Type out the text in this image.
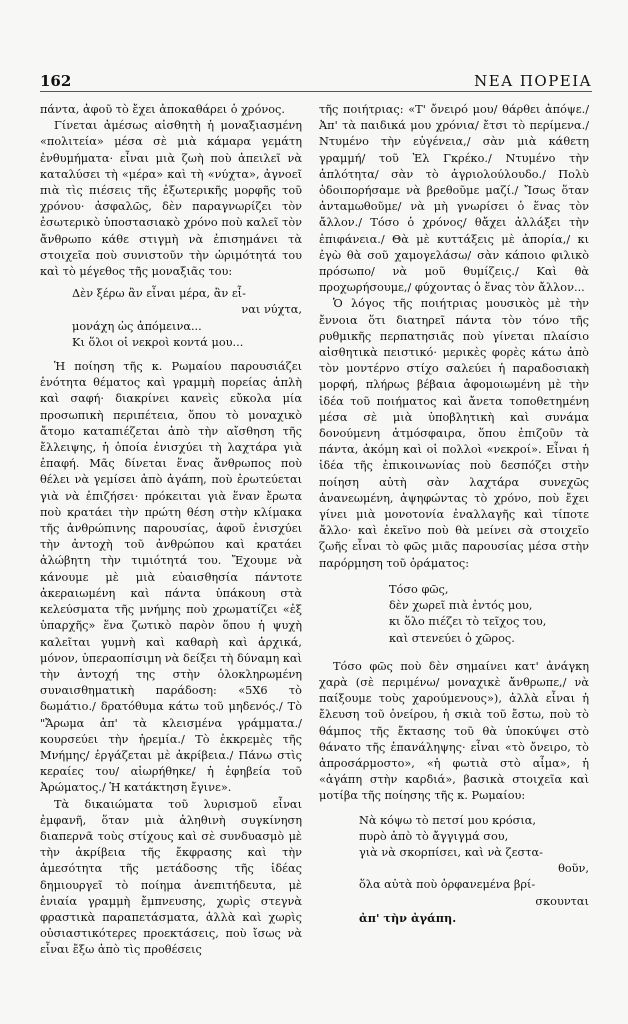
162	ΝΕΑ ΠΟΡΕΙΑ

πάντα, ἀφοῦ τὸ ἔχει ἀποκαθάρει ὁ χρόνος.

Γίνεται ἀμέσως αἰσθητὴ ἡ μοναξιασμένη «πολιτεία» μέσα σὲ μιὰ κάμαρα γεμάτη ἐνθυμήματα· εἶναι μιὰ ζωὴ ποὺ ἀπειλεῖ νὰ καταλύσει τὴ «μέρα» καὶ τὴ «νύχτα», ἀγνοεῖ πιὰ τὶς πιέσεις τῆς ἐξωτερικῆς μορφῆς τοῦ χρόνου· ἀσφαλῶς, δὲν παραγνωρίζει τὸν ἐσωτερικὸ ὑποστασιακὸ χρόνο ποὺ καλεῖ τὸν ἄνθρωπο κάθε στιγμὴ νὰ ἐπισημάνει τὰ στοιχεῖα ποὺ συνιστοῦν τὴν ὡριμότητά του καὶ τὸ μέγεθος τῆς μοναξιᾶς του:

Δὲν ξέρω ἂν εἶναι μέρα, ἂν εἶ-
ναι νύχτα,
μονάχη ὡς ἀπόμεινα...
Κι ὅλοι οἱ νεκροὶ κοντά μου...

Ἡ ποίηση τῆς κ. Ρωμαίου παρουσιάζει ἑνότητα θέματος καὶ γραμμὴ πορείας ἁπλὴ καὶ σαφή· διακρίνει κανεὶς εὔκολα μία προσωπικὴ περιπέτεια, ὅπου τὸ μοναχικὸ ἄτομο καταπιέζεται ἀπὸ τὴν αἴσθηση τῆς ἔλλειψης, ἡ ὁποία ἐνισχύει τὴ λαχτάρα γιὰ ἐπαφή. Μᾶς δίνεται ἕνας ἄνθρωπος ποὺ θέλει νὰ γεμίσει ἀπὸ ἀγάπη, ποὺ ἐρωτεύεται γιὰ νὰ ἐπιζήσει· πρόκειται γιὰ ἕναν ἔρωτα ποὺ κρατάει τὴν πρώτη θέση στὴν κλίμακα τῆς ἀνθρώπινης παρουσίας, ἀφοῦ ἐνισχύει τὴν ἀντοχὴ τοῦ ἀνθρώπου καὶ κρατάει ἀλώβητη τὴν τιμιότητά του. Ἔχουμε νὰ κάνουμε μὲ μιὰ εὐαισθησία πάντοτε ἀκεραιωμένη καὶ πάντα ὑπάκουη στὰ κελεύσματα τῆς μνήμης ποὺ χρωματίζει «ἐξ ὑπαρχῆς» ἕνα ζωτικὸ παρὸν ὅπου ἡ ψυχὴ καλεῖται γυμνὴ καὶ καθαρὴ καὶ ἀρχικά, μόνον, ὑπεραοπίσιμη νὰ δείξει τὴ δύναμη καὶ τὴν ἀντοχή της στὴν ὁλοκληρωμένη συναισθηματικὴ παράδοση: «5Χ6 τὸ δωμάτιο./ δρατόθυμα κάτω τοῦ μηδενός./ Τὸ "Ἄρωμα ἀπ' τὰ κλεισμένα γράμματα./ κουρσεύει τὴν ἠρεμία./ Τὸ ἐκκρεμὲς τῆς Μνήμης/ ἐργάζεται μὲ ἀκρίβεια./ Πάνω στὶς κεραίες του/ αἰωρήθηκε/ ἡ ἐφηβεία τοῦ Ἀρώματος./ Ἡ κατάκτηση ἔγινε».

Τὰ δικαιώματα τοῦ λυρισμοῦ εἶναι ἐμφανῆ, ὅταν μιὰ ἀληθινὴ συγκίνηση διαπερνᾶ τοὺς στίχους καὶ σὲ συνδυασμὸ μὲ τὴν ἀκρίβεια τῆς ἔκφρασης καὶ τὴν ἀμεσότητα τῆς μετάδοσης τῆς ἰδέας δημιουργεῖ τὸ ποίημα ἀνεπιτήδευτα, μὲ ἑνιαία γραμμὴ ἔμπνευσης, χωρὶς στεγνὰ φραστικὰ παραπετάσματα, ἀλλὰ καὶ χωρὶς οὐσιαστικότερες προεκτάσεις, ποὺ ἴσως νὰ εἶναι ἔξω ἀπὸ τὶς προθέσεις

τῆς ποιήτριας: «Τ' ὄνειρό μου/ θάρθει ἀπόψε./ Ἀπ' τὰ παιδικά μου χρόνια/ ἔτσι τὸ περίμενα./ Ντυμένο τὴν εὐγένεια,/ σὰν μιὰ κάθετη γραμμή/ τοῦ Ἐλ Γκρέκο./ Ντυμένο τὴν ἁπλότητα/ σὰν τὸ ἀγριολούλουδο./ Πολὺ ὁδοιπορήσαμε νὰ βρεθοῦμε μαζί./ Ἴσως ὅταν ἀνταμωθοῦμε/ νὰ μὴ γνωρίσει ὁ ἕνας τὸν ἄλλον./ Τόσο ὁ χρόνος/ θἄχει ἀλλάξει τὴν ἐπιφάνεια./ Θὰ μὲ κυττάξεις μὲ ἀπορία,/ κι ἐγὼ θὰ σοῦ χαμογελάσω/ σὰν κάποιο φιλικὸ πρόσωπο/ νὰ μοῦ θυμίζεις./ Καὶ θὰ προχωρήσουμε,/ φύχοντας ὁ ἕνας τὸν ἄλλον...

Ὁ λόγος τῆς ποιήτριας μουσικὸς μὲ τὴν ἔννοια ὅτι διατηρεῖ πάντα τὸν τόνο τῆς ρυθμικῆς περπατησιᾶς ποὺ γίνεται πλαίσιο αἰσθητικὰ πειστικό· μερικὲς φορὲς κάτω ἀπὸ τὸν μοντέρνο στίχο σαλεύει ἡ παραδοσιακὴ μορφή, πλήρως βέβαια ἀφομοιωμένη μὲ τὴν ἰδέα τοῦ ποιήματος καὶ ἄνετα τοποθετημένη μέσα σὲ μιὰ ὑποβλητικὴ καὶ συνάμα δονούμενη ἀτμόσφαιρα, ὅπου ἐπιζοῦν τὰ πάντα, ἀκόμη καὶ οἱ πολλοὶ «νεκροί». Εἶναι ἡ ἰδέα τῆς ἐπικοινωνίας ποὺ δεσπόζει στὴν ποίηση αὐτὴ σὰν λαχτάρα συνεχῶς ἀνανεωμένη, ἀψηφώντας τὸ χρόνο, ποὺ ἔχει γίνει μιὰ μονοτονία ἐναλλαγῆς καὶ τίποτε ἄλλο· καὶ ἐκεῖνο ποὺ θὰ μείνει σὰ στοιχεῖο ζωῆς εἶναι τὸ φῶς μιᾶς παρουσίας μέσα στὴν παρόρμηση τοῦ ὁράματος:

Τόσο φῶς,
δὲν χωρεῖ πιὰ ἐντός μου,
κι ὅλο πιέζει τὸ τεῖχος του,
καὶ στενεύει ὁ χῶρος.

Τόσο φῶς ποὺ δὲν σημαίνει κατ' ἀνάγκη χαρὰ (σὲ περιμένω/ μοναχικὲ ἄνθρωπε,/ νὰ παίξουμε τοὺς χαρούμενους»), ἀλλὰ εἶναι ἡ ἔλευση τοῦ ὀνείρου, ἡ σκιὰ τοῦ ἔστω, ποὺ τὸ θάμπος τῆς ἔκτασης τοῦ θὰ ὑποκύψει στὸ θάνατο τῆς ἐπανάληψης· εἶναι «τὸ ὄνειρο, τὸ ἀπροσάρμοστο», «ἡ φωτιὰ στὸ αἷμα», ἡ «ἀγάπη στὴν καρδιά», βασικὰ στοιχεῖα καὶ μοτίβα τῆς ποίησης τῆς κ. Ρωμαίου:

Νὰ κόψω τὸ πετσί μου κρόσια,
πυρὸ ἀπὸ τὸ ἄγγιγμά σου,
γιὰ νὰ σκορπίσει, καὶ νὰ ζεστα-
θοῦν,
ὅλα αὐτὰ ποὺ ὀρφανεμένα βρί-
σκουνται
ἀπ' τὴν ἀγάπη.
